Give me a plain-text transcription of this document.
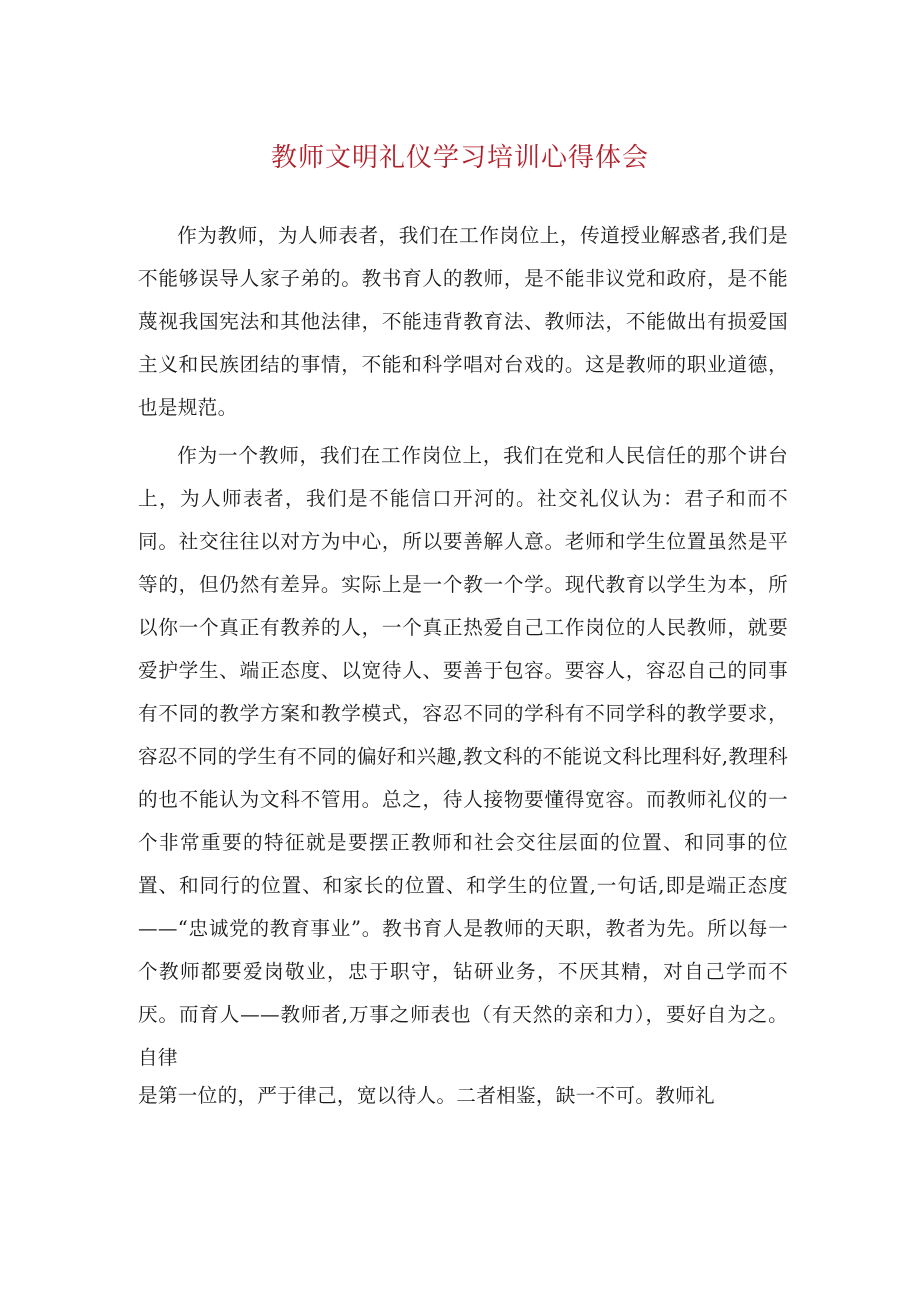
教师文明礼仪学习培训心得体会

作为教师，为人师表者，我们在工作岗位上，传道授业解惑者,我们是不能够误导人家子弟的。教书育人的教师，是不能非议党和政府，是不能蔑视我国宪法和其他法律，不能违背教育法、教师法，不能做出有损爱国主义和民族团结的事情，不能和科学唱对台戏的。这是教师的职业道德，也是规范。

作为一个教师，我们在工作岗位上，我们在党和人民信任的那个讲台上，为人师表者，我们是不能信口开河的。社交礼仪认为：君子和而不同。社交往往以对方为中心，所以要善解人意。老师和学生位置虽然是平等的，但仍然有差异。实际上是一个教一个学。现代教育以学生为本，所以你一个真正有教养的人，一个真正热爱自己工作岗位的人民教师，就要爱护学生、端正态度、以宽待人、要善于包容。要容人，容忍自己的同事有不同的教学方案和教学模式，容忍不同的学科有不同学科的教学要求，容忍不同的学生有不同的偏好和兴趣,教文科的不能说文科比理科好,教理科的也不能认为文科不管用。总之，待人接物要懂得宽容。而教师礼仪的一个非常重要的特征就是要摆正教师和社会交往层面的位置、和同事的位置、和同行的位置、和家长的位置、和学生的位置,一句话,即是端正态度——“忠诚党的教育事业”。教书育人是教师的天职，教者为先。所以每一个教师都要爱岗敬业，忠于职守，钻研业务，不厌其精，对自己学而不厌。而育人——教师者,万事之师表也（有天然的亲和力），要好自为之。自律

是第一位的，严于律己，宽以待人。二者相鉴，缺一不可。教师礼
